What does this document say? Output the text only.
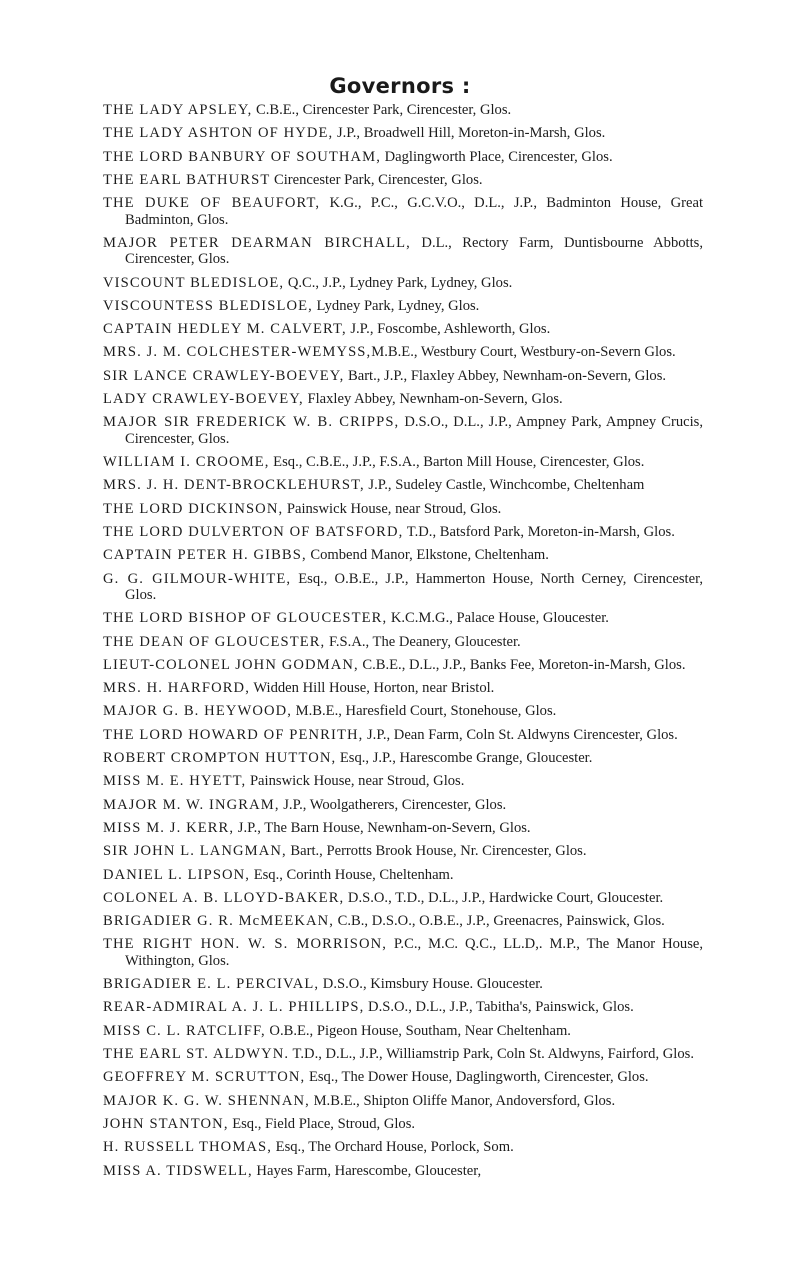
Governors :
THE LADY APSLEY, C.B.E., Cirencester Park, Cirencester, Glos.
THE LADY ASHTON OF HYDE, J.P., Broadwell Hill, Moreton-in-Marsh, Glos.
THE LORD BANBURY OF SOUTHAM, Daglingworth Place, Cirencester, Glos.
THE EARL BATHURST Cirencester Park, Cirencester, Glos.
THE DUKE OF BEAUFORT, K.G., P.C., G.C.V.O., D.L., J.P., Badminton House, Great Badminton, Glos.
MAJOR PETER DEARMAN BIRCHALL, D.L., Rectory Farm, Duntisbourne Abbotts, Cirencester, Glos.
VISCOUNT BLEDISLOE, Q.C., J.P., Lydney Park, Lydney, Glos.
VISCOUNTESS BLEDISLOE, Lydney Park, Lydney, Glos.
CAPTAIN HEDLEY M. CALVERT, J.P., Foscombe, Ashleworth, Glos.
MRS. J. M. COLCHESTER-WEMYSS,M.B.E., Westbury Court, Westbury-on-Severn Glos.
SIR LANCE CRAWLEY-BOEVEY, Bart., J.P., Flaxley Abbey, Newnham-on-Severn, Glos.
LADY CRAWLEY-BOEVEY, Flaxley Abbey, Newnham-on-Severn, Glos.
MAJOR SIR FREDERICK W. B. CRIPPS, D.S.O., D.L., J.P., Ampney Park, Ampney Crucis, Cirencester, Glos.
WILLIAM I. CROOME, Esq., C.B.E., J.P., F.S.A., Barton Mill House, Cirencester, Glos.
MRS. J. H. DENT-BROCKLEHURST, J.P., Sudeley Castle, Winchcombe, Cheltenham
THE LORD DICKINSON, Painswick House, near Stroud, Glos.
THE LORD DULVERTON OF BATSFORD, T.D., Batsford Park, Moreton-in-Marsh, Glos.
CAPTAIN PETER H. GIBBS, Combend Manor, Elkstone, Cheltenham.
G. G. GILMOUR-WHITE, Esq., O.B.E., J.P., Hammerton House, North Cerney, Cirencester, Glos.
THE LORD BISHOP OF GLOUCESTER, K.C.M.G., Palace House, Gloucester.
THE DEAN OF GLOUCESTER, F.S.A., The Deanery, Gloucester.
LIEUT-COLONEL JOHN GODMAN, C.B.E., D.L., J.P., Banks Fee, Moreton-in-Marsh, Glos.
MRS. H. HARFORD, Widden Hill House, Horton, near Bristol.
MAJOR G. B. HEYWOOD, M.B.E., Haresfield Court, Stonehouse, Glos.
THE LORD HOWARD OF PENRITH, J.P., Dean Farm, Coln St. Aldwyns Cirencester, Glos.
ROBERT CROMPTON HUTTON, Esq., J.P., Harescombe Grange, Gloucester.
MISS M. E. HYETT, Painswick House, near Stroud, Glos.
MAJOR M. W. INGRAM, J.P., Woolgatherers, Cirencester, Glos.
MISS M. J. KERR, J.P., The Barn House, Newnham-on-Severn, Glos.
SIR JOHN L. LANGMAN, Bart., Perrotts Brook House, Nr. Cirencester, Glos.
DANIEL L. LIPSON, Esq., Corinth House, Cheltenham.
COLONEL A. B. LLOYD-BAKER, D.S.O., T.D., D.L., J.P., Hardwicke Court, Gloucester.
BRIGADIER G. R. McMEEKAN, C.B., D.S.O., O.B.E., J.P., Greenacres, Painswick, Glos.
THE RIGHT HON. W. S. MORRISON, P.C., M.C. Q.C., LL.D,. M.P., The Manor House, Withington, Glos.
BRIGADIER E. L. PERCIVAL, D.S.O., Kimsbury House. Gloucester.
REAR-ADMIRAL A. J. L. PHILLIPS, D.S.O., D.L., J.P., Tabitha's, Painswick, Glos.
MISS C. L. RATCLIFF, O.B.E., Pigeon House, Southam, Near Cheltenham.
THE EARL ST. ALDWYN. T.D., D.L., J.P., Williamstrip Park, Coln St. Aldwyns, Fairford, Glos.
GEOFFREY M. SCRUTTON, Esq., The Dower House, Daglingworth, Cirencester, Glos.
MAJOR K. G. W. SHENNAN, M.B.E., Shipton Oliffe Manor, Andoversford, Glos.
JOHN STANTON, Esq., Field Place, Stroud, Glos.
H. RUSSELL THOMAS, Esq., The Orchard House, Porlock, Som.
MISS A. TIDSWELL, Hayes Farm, Harescombe, Gloucester,
